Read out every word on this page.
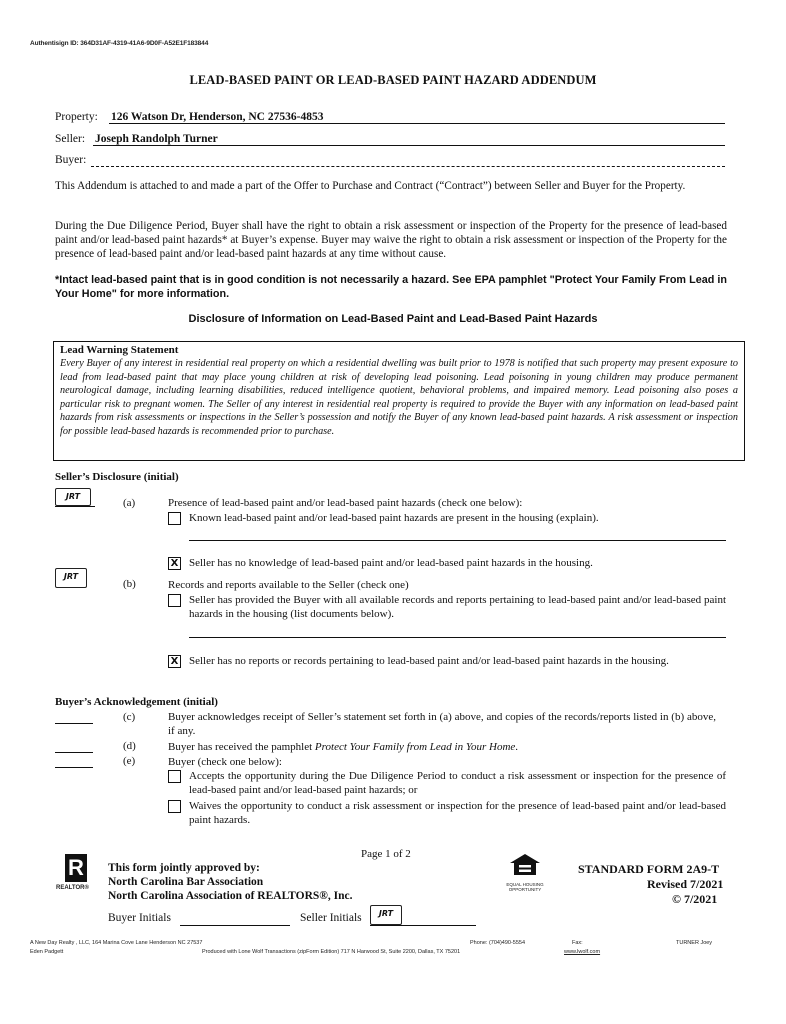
Authentisign ID: 364D31AF-4319-41A6-9D0F-A52E1F183844
LEAD-BASED PAINT OR LEAD-BASED PAINT HAZARD ADDENDUM
Property: 126 Watson Dr, Henderson, NC 27536-4853
Seller: Joseph Randolph Turner
Buyer:
This Addendum is attached to and made a part of the Offer to Purchase and Contract (“Contract”) between Seller and Buyer for the Property.
During the Due Diligence Period, Buyer shall have the right to obtain a risk assessment or inspection of the Property for the presence of lead-based paint and/or lead-based paint hazards* at Buyer’s expense. Buyer may waive the right to obtain a risk assessment or inspection of the Property for the presence of lead-based paint and/or lead-based paint hazards at any time without cause.
*Intact lead-based paint that is in good condition is not necessarily a hazard. See EPA pamphlet "Protect Your Family From Lead in Your Home" for more information.
Disclosure of Information on Lead-Based Paint and Lead-Based Paint Hazards
Lead Warning Statement
Every Buyer of any interest in residential real property on which a residential dwelling was built prior to 1978 is notified that such property may present exposure to lead from lead-based paint that may place young children at risk of developing lead poisoning. Lead poisoning in young children may produce permanent neurological damage, including learning disabilities, reduced intelligence quotient, behavioral problems, and impaired memory. Lead poisoning also poses a particular risk to pregnant women. The Seller of any interest in residential real property is required to provide the Buyer with any information on lead-based paint hazards from risk assessments or inspections in the Seller’s possession and notify the Buyer of any known lead-based paint hazards. A risk assessment or inspection for possible lead-based hazards is recommended prior to purchase.
Seller’s Disclosure (initial)
JRT
(a)	Presence of lead-based paint and/or lead-based paint hazards (check one below):
Known lead-based paint and/or lead-based paint hazards are present in the housing (explain).
X Seller has no knowledge of lead-based paint and/or lead-based paint hazards in the housing.
JRT
(b)	Records and reports available to the Seller (check one)
Seller has provided the Buyer with all available records and reports pertaining to lead-based paint and/or lead-based paint hazards in the housing (list documents below).
X Seller has no reports or records pertaining to lead-based paint and/or lead-based paint hazards in the housing.
Buyer’s Acknowledgement (initial)
(c)	Buyer acknowledges receipt of Seller’s statement set forth in (a) above, and copies of the records/reports listed in (b) above, if any.
(d)	Buyer has received the pamphlet Protect Your Family from Lead in Your Home.
(e)	Buyer (check one below):
Accepts the opportunity during the Due Diligence Period to conduct a risk assessment or inspection for the presence of lead-based paint and/or lead-based paint hazards; or
Waives the opportunity to conduct a risk assessment or inspection for the presence of lead-based paint and/or lead-based paint hazards.
Page 1 of 2
R
REALTOR®
This form jointly approved by:
North Carolina Bar Association
North Carolina Association of REALTORS®, Inc.
EQUAL HOUSING OPPORTUNITY
STANDARD FORM 2A9-T
Revised 7/2021
© 7/2021
Buyer Initials	Seller Initials	JRT
A New Day Realty , LLC, 164 Marina Cove Lane Henderson NC 27537
Eden Padgett
Phone: (704)490-5554	Fax:	TURNER Joey
Produced with Lone Wolf Transactions (zipForm Edition) 717 N Harwood St, Suite 2200, Dallas, TX 75201	www.lwolf.com
